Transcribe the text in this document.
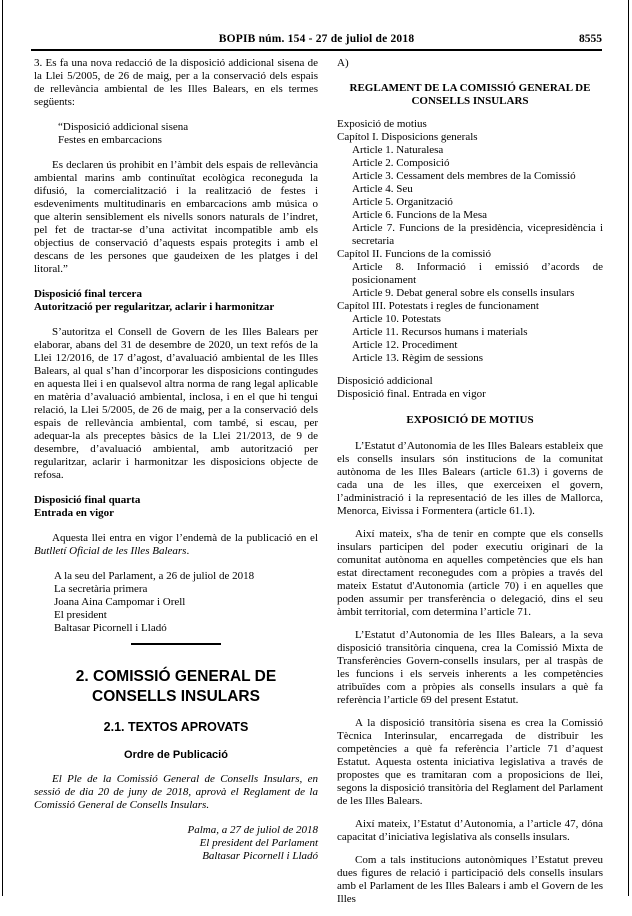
BOPIB núm. 154 - 27 de juliol de 2018	8555

3. Es fa una nova redacció de la disposició addicional sisena de la Llei 5/2005, de 26 de maig, per a la conservació dels espais de rellevància ambiental de les Illes Balears, en els termes següents:

“Disposició addicional sisena
Festes en embarcacions

Es declaren ús prohibit en l’àmbit dels espais de rellevància ambiental marins amb continuïtat ecològica reconeguda la difusió, la comercialització i la realització de festes i esdeveniments multitudinaris en embarcacions amb música o que alterin sensiblement els nivells sonors naturals de l’indret, pel fet de tractar-se d’una activitat incompatible amb els objectius de conservació d’aquests espais protegits i amb el descans de les persones que gaudeixen de les platges i del litoral.”

Disposició final tercera
Autorització per regularitzar, aclarir i harmonitzar

S’autoritza el Consell de Govern de les Illes Balears per elaborar, abans del 31 de desembre de 2020, un text refós de la Llei 12/2016, de 17 d’agost, d’avaluació ambiental de les Illes Balears, al qual s’han d’incorporar les disposicions contingudes en aquesta llei i en qualsevol altra norma de rang legal aplicable en matèria d’avaluació ambiental, inclosa, i en el que hi tengui relació, la Llei 5/2005, de 26 de maig, per a la conservació dels espais de rellevància ambiental, com també, si escau, per adequar-la als preceptes bàsics de la Llei 21/2013, de 9 de desembre, d’avaluació ambiental, amb autorització per regularitzar, aclarir i harmonitzar les disposicions objecte de refosa.

Disposició final quarta
Entrada en vigor

Aquesta llei entra en vigor l’endemà de la publicació en el Butlletí Oficial de les Illes Balears.

A la seu del Parlament, a 26 de juliol de 2018
La secretària primera
Joana Aina Campomar i Orell
El president
Baltasar Picornell i Lladó
2. COMISSIÓ GENERAL DE
CONSELLS INSULARS
2.1. TEXTOS APROVATS
Ordre de Publicació

El Ple de la Comissió General de Consells Insulars, en sessió de dia 20 de juny de 2018, aprovà el Reglament de la Comissió General de Consells Insulars.

Palma, a 27 de juliol de 2018
El president del Parlament
Baltasar Picornell i Lladó
A)
REGLAMENT DE LA COMISSIÓ GENERAL DE
CONSELLS INSULARS
Exposició de motius
Capítol I. Disposicions generals
Article 1. Naturalesa
Article 2. Composició
Article 3. Cessament dels membres de la Comissió
Article 4. Seu
Article 5. Organització
Article 6. Funcions de la Mesa
Article 7. Funcions de la presidència, vicepresidència i secretaria
Capítol II. Funcions de la comissió
Article 8. Informació i emissió d’acords de posicionament
Article 9. Debat general sobre els consells insulars
Capítol III. Potestats i regles de funcionament
Article 10. Potestats
Article 11. Recursos humans i materials
Article 12. Procediment
Article 13. Règim de sessions
Disposició addicional
Disposició final. Entrada en vigor
EXPOSICIÓ DE MOTIUS

L’Estatut d’Autonomia de les Illes Balears estableix que els consells insulars són institucions de la comunitat autònoma de les Illes Balears (article 61.3) i governs de cada una de les illes, que exerceixen el govern, l’administració i la representació de les illes de Mallorca, Menorca, Eivissa i Formentera (article 61.1).

Així mateix, s'ha de tenir en compte que els consells insulars participen del poder executiu originari de la comunitat autònoma en aquelles competències que els han estat directament reconegudes com a pròpies a través del mateix Estatut d'Autonomia (article 70) i en aquelles que poden assumir per transferència o delegació, dins el seu àmbit territorial, com determina l’article 71.

L’Estatut d’Autonomia de les Illes Balears, a la seva disposició transitòria cinquena, crea la Comissió Mixta de Transferències Govern-consells insulars, per al traspàs de les funcions i els serveis inherents a les competències atribuïdes com a pròpies als consells insulars a què fa referència l’article 69 del present Estatut.

A la disposició transitòria sisena es crea la Comissió Tècnica Interinsular, encarregada de distribuir les competències a què fa referència l’article 71 d’aquest Estatut. Aquesta ostenta iniciativa legislativa a través de propostes que es tramitaran com a proposicions de llei, segons la disposició transitòria del Reglament del Parlament de les Illes Balears.

Així mateix, l’Estatut d’Autonomia, a l’article 47, dóna capacitat d’iniciativa legislativa als consells insulars.

Com a tals institucions autonòmiques l’Estatut preveu dues figures de relació i participació dels consells insulars amb el Parlament de les Illes Balears i amb el Govern de les Illes
